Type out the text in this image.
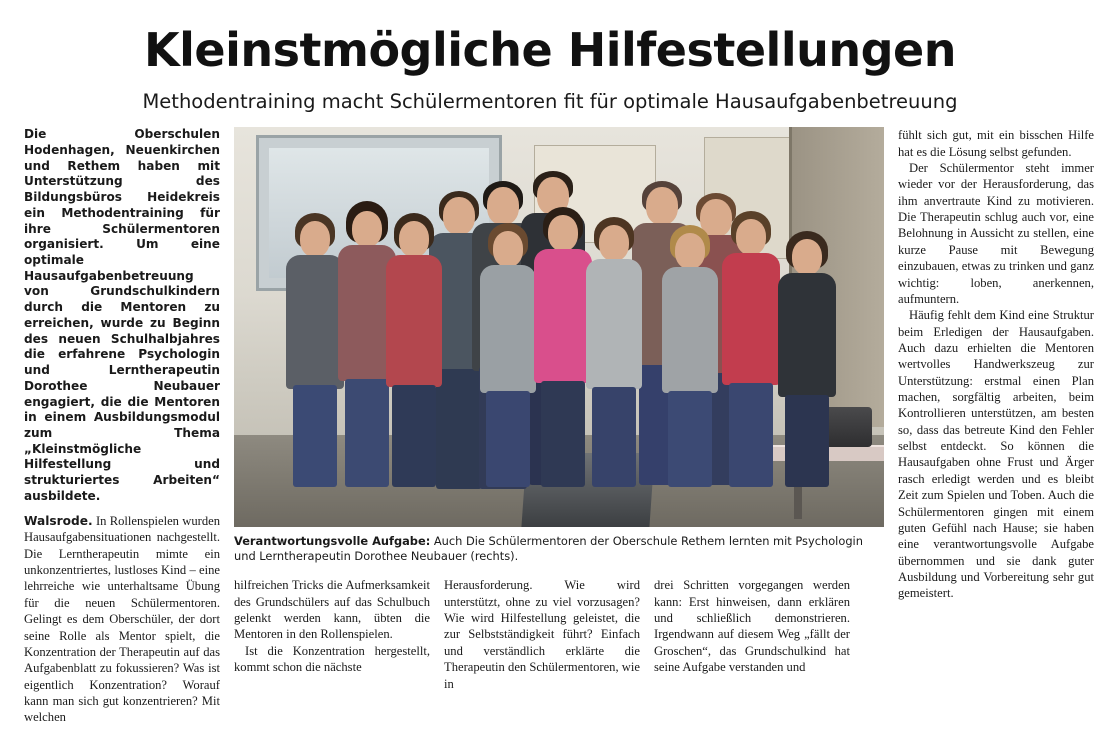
Kleinstmögliche Hilfestellungen
Methodentraining macht Schülermentoren fit für optimale Hausaufgabenbetreuung

Die Oberschulen Hodenhagen, Neuenkirchen und Rethem haben mit Unterstützung des Bildungsbüros Heidekreis ein Methodentraining für ihre Schülermentoren organisiert. Um eine optimale Hausaufgabenbetreuung von Grundschulkindern durch die Mentoren zu erreichen, wurde zu Beginn des neuen Schulhalbjahres die erfahrene Psychologin und Lerntherapeutin Dorothee Neubauer engagiert, die die Mentoren in einem Ausbildungsmodul zum Thema „Kleinstmögliche Hilfestellung und strukturiertes Arbeiten“ ausbildete.

Walsrode. In Rollenspielen wurden Hausaufgabensituationen nachgestellt. Die Lerntherapeutin mimte ein unkonzentriertes, lustloses Kind – eine lehrreiche wie unterhaltsame Übung für die neuen Schülermentoren. Gelingt es dem Oberschüler, der dort seine Rolle als Mentor spielt, die Konzentration der Therapeutin auf das Aufgabenblatt zu fokussieren? Was ist eigentlich Konzentration? Worauf kann man sich gut konzentrieren? Mit welchen

Verantwortungsvolle Aufgabe: Auch Die Schülermentoren der Oberschule Rethem lernten mit Psychologin und Lerntherapeutin Dorothee Neubauer (rechts).

hilfreichen Tricks die Aufmerksamkeit des Grundschülers auf das Schulbuch gelenkt werden kann, übten die Mentoren in den Rollenspielen.

Ist die Konzentration hergestellt, kommt schon die nächste

Herausforderung. Wie wird unterstützt, ohne zu viel vorzusagen? Wie wird Hilfestellung geleistet, die zur Selbstständigkeit führt? Einfach und verständlich erklärte die Therapeutin den Schülermentoren, wie in

drei Schritten vorgegangen werden kann: Erst hinweisen, dann erklären und schließlich demonstrieren. Irgendwann auf diesem Weg „fällt der Groschen“, das Grundschulkind hat seine Aufgabe verstanden und

fühlt sich gut, mit ein bisschen Hilfe hat es die Lösung selbst gefunden.

Der Schülermentor steht immer wieder vor der Herausforderung, das ihm anvertraute Kind zu motivieren. Die Therapeutin schlug auch vor, eine Belohnung in Aussicht zu stellen, eine kurze Pause mit Bewegung einzubauen, etwas zu trinken und ganz wichtig: loben, anerkennen, aufmuntern.

Häufig fehlt dem Kind eine Struktur beim Erledigen der Hausaufgaben. Auch dazu erhielten die Mentoren wertvolles Handwerkszeug zur Unterstützung: erstmal einen Plan machen, sorgfältig arbeiten, beim Kontrollieren unterstützen, am besten so, dass das betreute Kind den Fehler selbst entdeckt. So können die Hausaufgaben ohne Frust und Ärger rasch erledigt werden und es bleibt Zeit zum Spielen und Toben. Auch die Schülermentoren gingen mit einem guten Gefühl nach Hause; sie haben eine verantwortungsvolle Aufgabe übernommen und sie dank guter Ausbildung und Vorbereitung sehr gut gemeistert.
